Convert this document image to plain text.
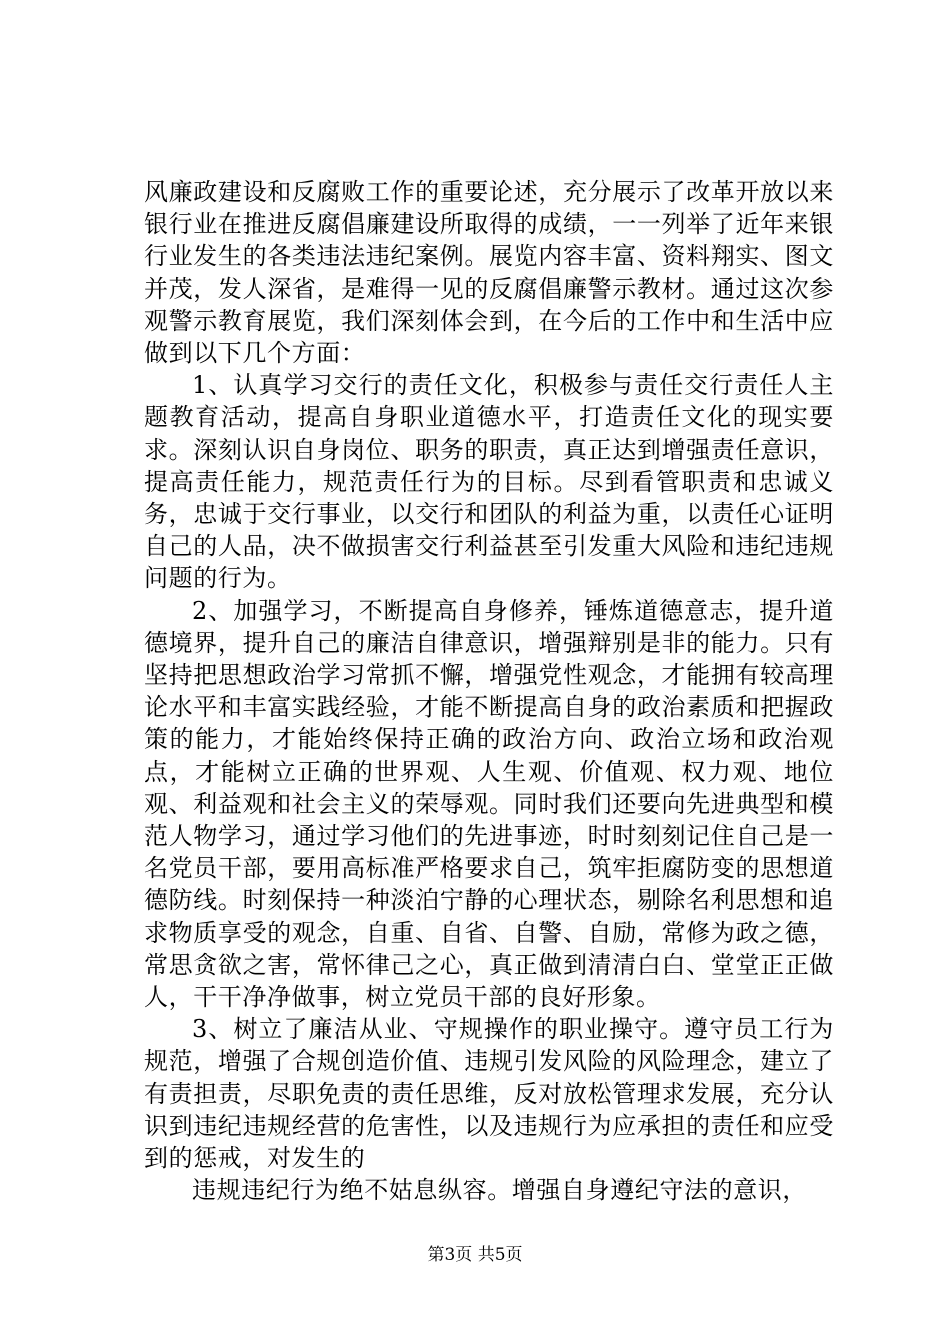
风廉政建设和反腐败工作的重要论述，充分展示了改革开放以来银行业在推进反腐倡廉建设所取得的成绩，一一列举了近年来银行业发生的各类违法违纪案例。展览内容丰富、资料翔实、图文并茂，发人深省，是难得一见的反腐倡廉警示教材。通过这次参观警示教育展览，我们深刻体会到，在今后的工作中和生活中应做到以下几个方面：

1、认真学习交行的责任文化，积极参与责任交行责任人主题教育活动，提高自身职业道德水平，打造责任文化的现实要求。深刻认识自身岗位、职务的职责，真正达到增强责任意识，提高责任能力，规范责任行为的目标。尽到看管职责和忠诚义务，忠诚于交行事业，以交行和团队的利益为重，以责任心证明自己的人品，决不做损害交行利益甚至引发重大风险和违纪违规问题的行为。

2、加强学习，不断提高自身修养，锤炼道德意志，提升道德境界，提升自己的廉洁自律意识，增强辩别是非的能力。只有坚持把思想政治学习常抓不懈，增强党性观念，才能拥有较高理论水平和丰富实践经验，才能不断提高自身的政治素质和把握政策的能力，才能始终保持正确的政治方向、政治立场和政治观点，才能树立正确的世界观、人生观、价值观、权力观、地位观、利益观和社会主义的荣辱观。同时我们还要向先进典型和模范人物学习，通过学习他们的先进事迹，时时刻刻记住自己是一名党员干部，要用高标准严格要求自己，筑牢拒腐防变的思想道德防线。时刻保持一种淡泊宁静的心理状态，剔除名利思想和追求物质享受的观念，自重、自省、自警、自励，常修为政之德，常思贪欲之害，常怀律己之心，真正做到清清白白、堂堂正正做人，干干净净做事，树立党员干部的良好形象。

3、树立了廉洁从业、守规操作的职业操守。遵守员工行为规范，增强了合规创造价值、违规引发风险的风险理念，建立了有责担责，尽职免责的责任思维，反对放松管理求发展，充分认识到违纪违规经营的危害性，以及违规行为应承担的责任和应受到的惩戒，对发生的

违规违纪行为绝不姑息纵容。增强自身遵纪守法的意识，

第3页 共5页
